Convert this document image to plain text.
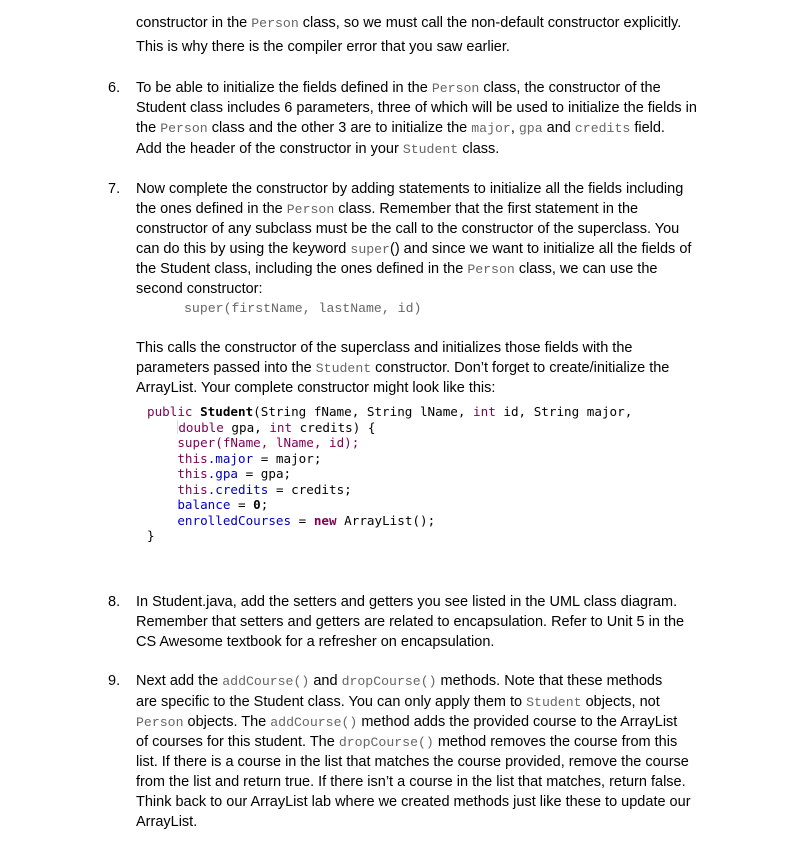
constructor in the Person class, so we must call the non-default constructor explicitly.
This is why there is the compiler error that you saw earlier.
6. To be able to initialize the fields defined in the Person class, the constructor of the
Student class includes 6 parameters, three of which will be used to initialize the fields in
the Person class and the other 3 are to initialize the major, gpa and credits field.
Add the header of the constructor in your Student class.
7. Now complete the constructor by adding statements to initialize all the fields including
the ones defined in the Person class. Remember that the first statement in the
constructor of any subclass must be the call to the constructor of the superclass. You
can do this by using the keyword super() and since we want to initialize all the fields of
the Student class, including the ones defined in the Person class, we can use the
second constructor:
super(firstName, lastName, id)
This calls the constructor of the superclass and initializes those fields with the
parameters passed into the Student constructor. Don’t forget to create/initialize the
ArrayList. Your complete constructor might look like this:
public Student(String fName, String lName, int id, String major,
double gpa, int credits) {
super(fName, lName, id);
this.major = major;
this.gpa = gpa;
this.credits = credits;
balance = 0;
enrolledCourses = new ArrayList();
}
8. In Student.java, add the setters and getters you see listed in the UML class diagram.
Remember that setters and getters are related to encapsulation. Refer to Unit 5 in the
CS Awesome textbook for a refresher on encapsulation.
9. Next add the addCourse() and dropCourse() methods. Note that these methods
are specific to the Student class. You can only apply them to Student objects, not
Person objects. The addCourse() method adds the provided course to the ArrayList
of courses for this student. The dropCourse() method removes the course from this
list. If there is a course in the list that matches the course provided, remove the course
from the list and return true. If there isn’t a course in the list that matches, return false.
Think back to our ArrayList lab where we created methods just like these to update our
ArrayList.
